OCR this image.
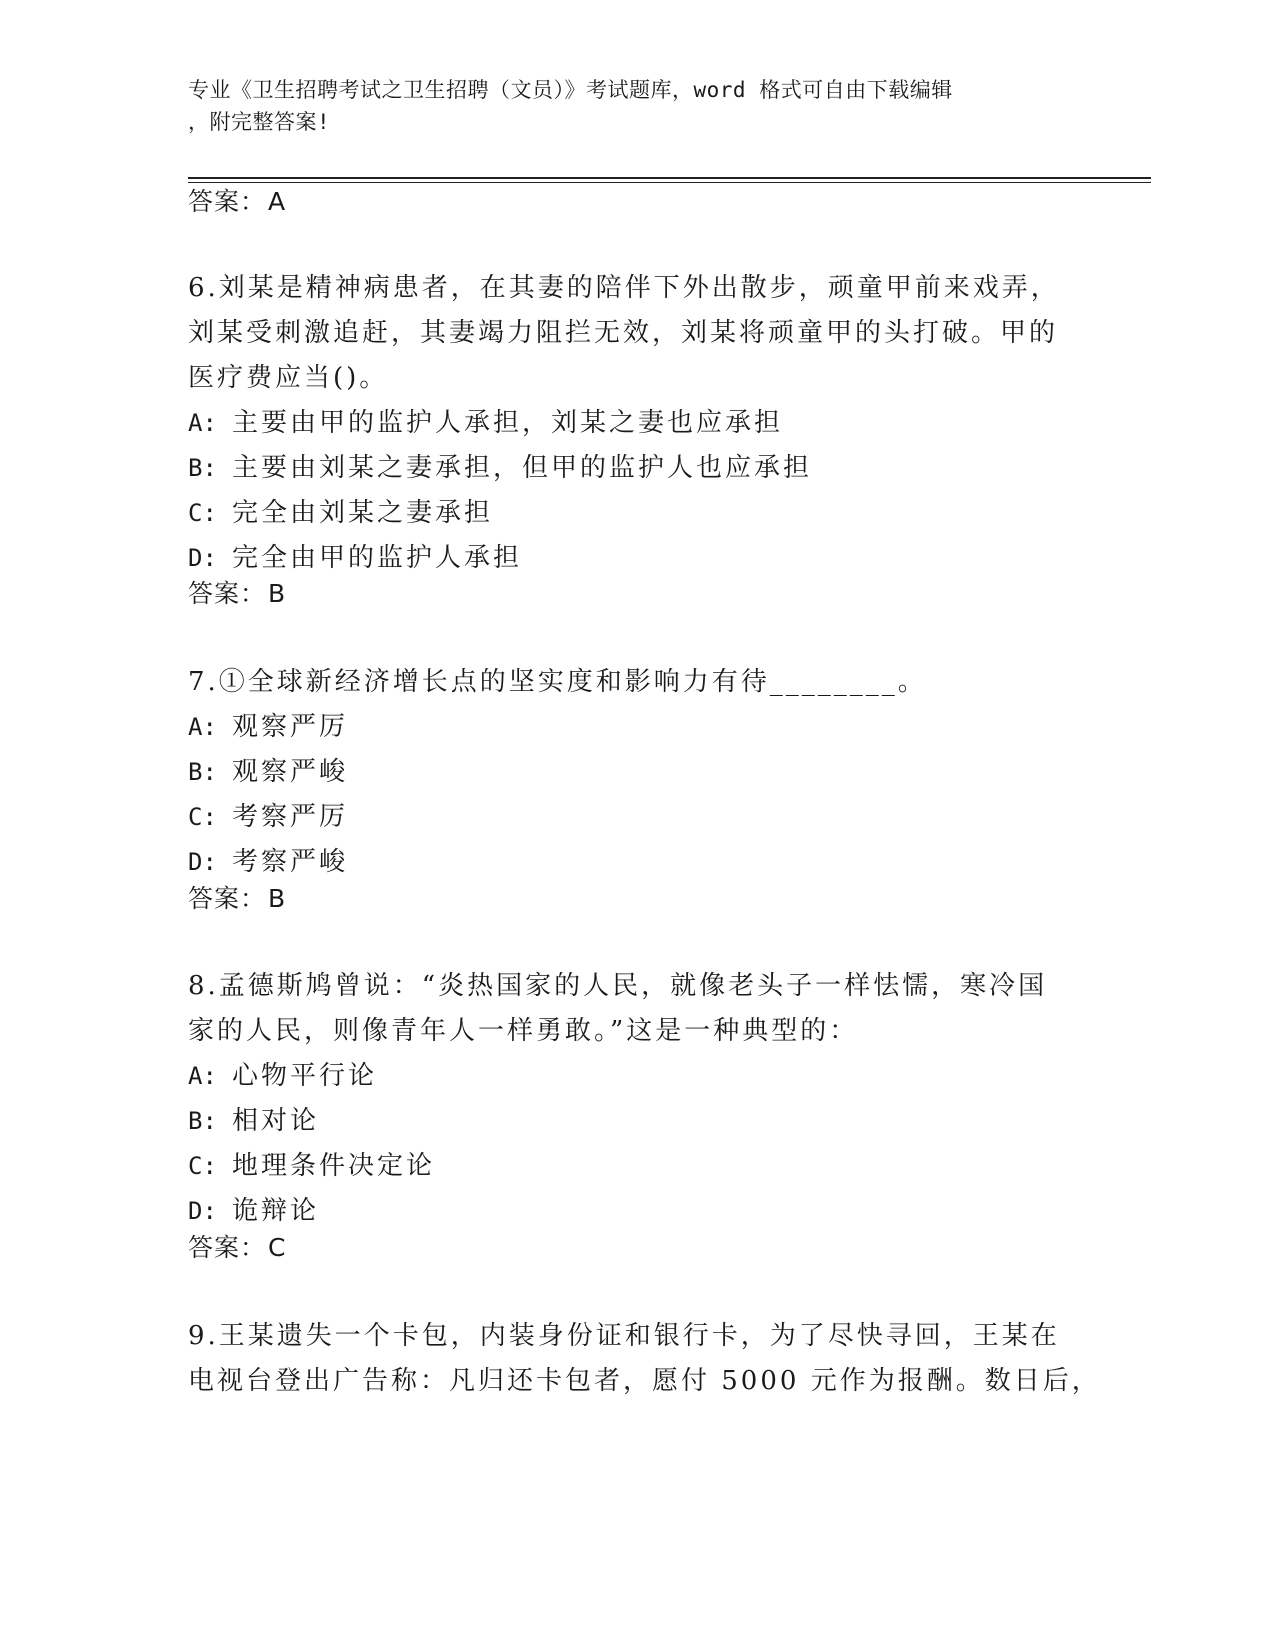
专业《卫生招聘考试之卫生招聘（文员）》考试题库，word 格式可自由下载编辑
，附完整答案!
答案：A
6.刘某是精神病患者，在其妻的陪伴下外出散步，顽童甲前来戏弄，
刘某受刺激追赶，其妻竭力阻拦无效，刘某将顽童甲的头打破。甲的
医疗费应当()。
A: 主要由甲的监护人承担，刘某之妻也应承担
B: 主要由刘某之妻承担，但甲的监护人也应承担
C: 完全由刘某之妻承担
D: 完全由甲的监护人承担
答案：B
7.①全球新经济增长点的坚实度和影响力有待________。
A: 观察严厉
B: 观察严峻
C: 考察严厉
D: 考察严峻
答案：B
8.孟德斯鸠曾说：“炎热国家的人民，就像老头子一样怯懦，寒冷国
家的人民，则像青年人一样勇敢。”这是一种典型的：
A: 心物平行论
B: 相对论
C: 地理条件决定论
D: 诡辩论
答案：C
9.王某遗失一个卡包，内装身份证和银行卡，为了尽快寻回，王某在
电视台登出广告称：凡归还卡包者，愿付 5000 元作为报酬。数日后，
